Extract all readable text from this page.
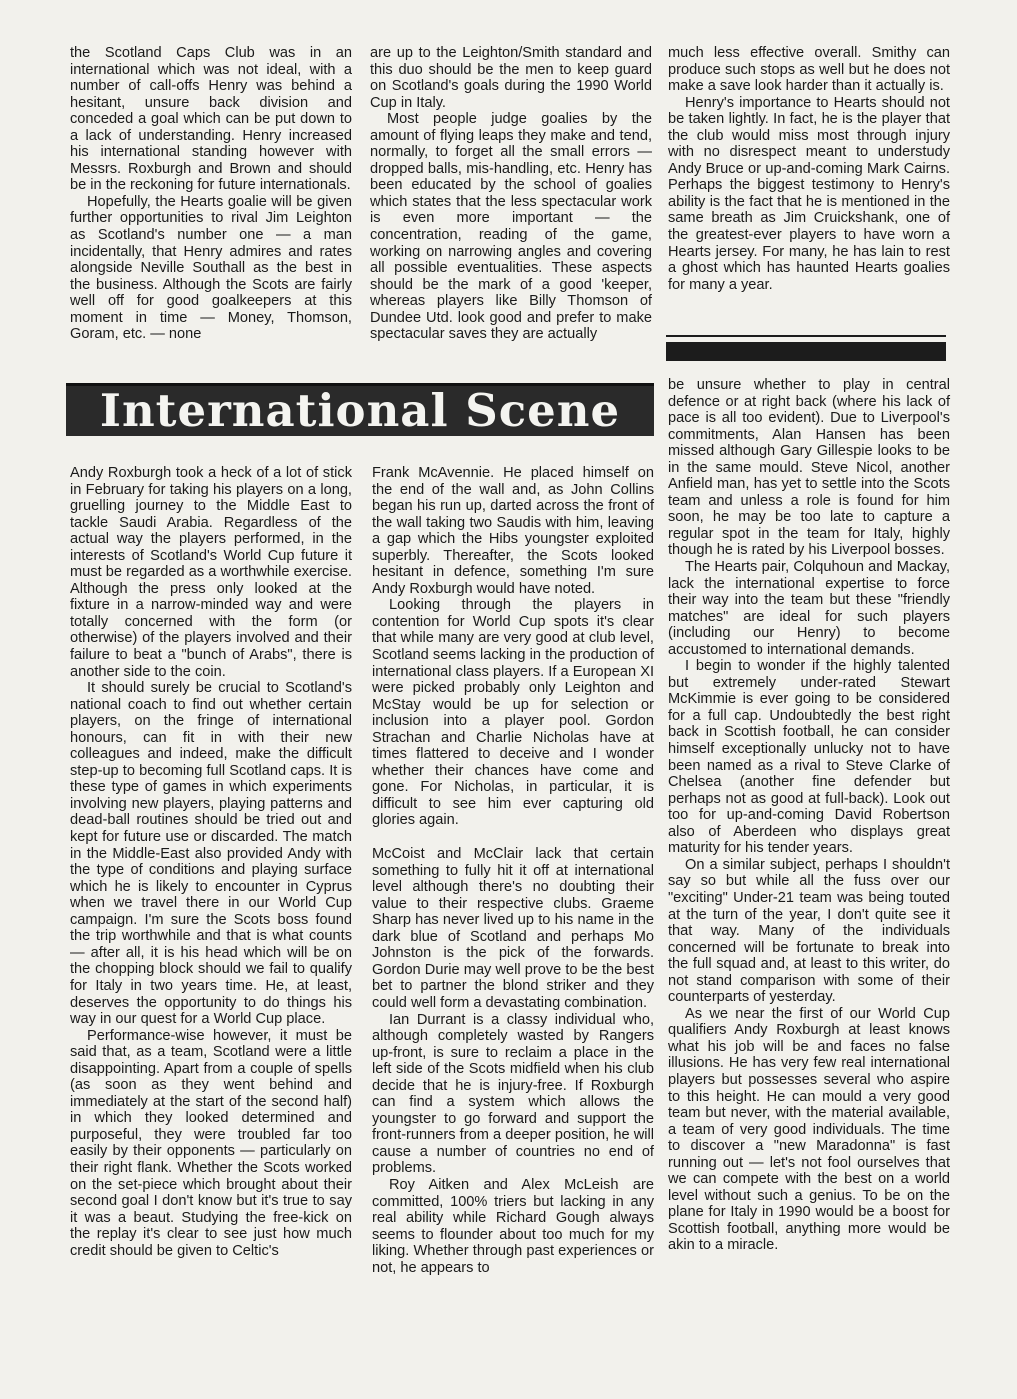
the Scotland Caps Club was in an international which was not ideal, with a number of call-offs Henry was behind a hesitant, unsure back division and conceded a goal which can be put down to a lack of understanding. Henry increased his international standing however with Messrs. Roxburgh and Brown and should be in the reckoning for future internationals.

Hopefully, the Hearts goalie will be given further opportunities to rival Jim Leighton as Scotland's number one — a man incidentally, that Henry admires and rates alongside Neville Southall as the best in the business. Although the Scots are fairly well off for good goalkeepers at this moment in time — Money, Thomson, Goram, etc. — none

are up to the Leighton/Smith standard and this duo should be the men to keep guard on Scotland's goals during the 1990 World Cup in Italy.

Most people judge goalies by the amount of flying leaps they make and tend, normally, to forget all the small errors — dropped balls, mis-handling, etc. Henry has been educated by the school of goalies which states that the less spectacular work is even more important — the concentration, reading of the game, working on narrowing angles and covering all possible eventualities. These aspects should be the mark of a good 'keeper, whereas players like Billy Thomson of Dundee Utd. look good and prefer to make spectacular saves they are actually

much less effective overall. Smithy can produce such stops as well but he does not make a save look harder than it actually is.

Henry's importance to Hearts should not be taken lightly. In fact, he is the player that the club would miss most through injury with no disrespect meant to understudy Andy Bruce or up-and-coming Mark Cairns. Perhaps the biggest testimony to Henry's ability is the fact that he is mentioned in the same breath as Jim Cruickshank, one of the greatest-ever players to have worn a Hearts jersey. For many, he has lain to rest a ghost which has haunted Hearts goalies for many a year.

International Scene

Andy Roxburgh took a heck of a lot of stick in February for taking his players on a long, gruelling journey to the Middle East to tackle Saudi Arabia. Regardless of the actual way the players performed, in the interests of Scotland's World Cup future it must be regarded as a worthwhile exercise. Although the press only looked at the fixture in a narrow-minded way and were totally concerned with the form (or otherwise) of the players involved and their failure to beat a "bunch of Arabs", there is another side to the coin.

It should surely be crucial to Scotland's national coach to find out whether certain players, on the fringe of international honours, can fit in with their new colleagues and indeed, make the difficult step-up to becoming full Scotland caps. It is these type of games in which experiments involving new players, playing patterns and dead-ball routines should be tried out and kept for future use or discarded. The match in the Middle-East also provided Andy with the type of conditions and playing surface which he is likely to encounter in Cyprus when we travel there in our World Cup campaign. I'm sure the Scots boss found the trip worthwhile and that is what counts — after all, it is his head which will be on the chopping block should we fail to qualify for Italy in two years time. He, at least, deserves the opportunity to do things his way in our quest for a World Cup place.

Performance-wise however, it must be said that, as a team, Scotland were a little disappointing. Apart from a couple of spells (as soon as they went behind and immediately at the start of the second half) in which they looked determined and purposeful, they were troubled far too easily by their opponents — particularly on their right flank. Whether the Scots worked on the set-piece which brought about their second goal I don't know but it's true to say it was a beaut. Studying the free-kick on the replay it's clear to see just how much credit should be given to Celtic's

Frank McAvennie. He placed himself on the end of the wall and, as John Collins began his run up, darted across the front of the wall taking two Saudis with him, leaving a gap which the Hibs youngster exploited superbly. Thereafter, the Scots looked hesitant in defence, something I'm sure Andy Roxburgh would have noted.

Looking through the players in contention for World Cup spots it's clear that while many are very good at club level, Scotland seems lacking in the production of international class players. If a European XI were picked probably only Leighton and McStay would be up for selection or inclusion into a player pool. Gordon Strachan and Charlie Nicholas have at times flattered to deceive and I wonder whether their chances have come and gone. For Nicholas, in particular, it is difficult to see him ever capturing old glories again.

McCoist and McClair lack that certain something to fully hit it off at international level although there's no doubting their value to their respective clubs. Graeme Sharp has never lived up to his name in the dark blue of Scotland and perhaps Mo Johnston is the pick of the forwards. Gordon Durie may well prove to be the best bet to partner the blond striker and they could well form a devastating combination.

Ian Durrant is a classy individual who, although completely wasted by Rangers up-front, is sure to reclaim a place in the left side of the Scots midfield when his club decide that he is injury-free. If Roxburgh can find a system which allows the youngster to go forward and support the front-runners from a deeper position, he will cause a number of countries no end of problems.

Roy Aitken and Alex McLeish are committed, 100% triers but lacking in any real ability while Richard Gough always seems to flounder about too much for my liking. Whether through past experiences or not, he appears to

be unsure whether to play in central defence or at right back (where his lack of pace is all too evident). Due to Liverpool's commitments, Alan Hansen has been missed although Gary Gillespie looks to be in the same mould. Steve Nicol, another Anfield man, has yet to settle into the Scots team and unless a role is found for him soon, he may be too late to capture a regular spot in the team for Italy, highly though he is rated by his Liverpool bosses.

The Hearts pair, Colquhoun and Mackay, lack the international expertise to force their way into the team but these "friendly matches" are ideal for such players (including our Henry) to become accustomed to international demands.

I begin to wonder if the highly talented but extremely under-rated Stewart McKimmie is ever going to be considered for a full cap. Undoubtedly the best right back in Scottish football, he can consider himself exceptionally unlucky not to have been named as a rival to Steve Clarke of Chelsea (another fine defender but perhaps not as good at full-back). Look out too for up-and-coming David Robertson also of Aberdeen who displays great maturity for his tender years.

On a similar subject, perhaps I shouldn't say so but while all the fuss over our "exciting" Under-21 team was being touted at the turn of the year, I don't quite see it that way. Many of the individuals concerned will be fortunate to break into the full squad and, at least to this writer, do not stand comparison with some of their counterparts of yesterday.

As we near the first of our World Cup qualifiers Andy Roxburgh at least knows what his job will be and faces no false illusions. He has very few real international players but possesses several who aspire to this height. He can mould a very good team but never, with the material available, a team of very good individuals. The time to discover a "new Maradonna" is fast running out — let's not fool ourselves that we can compete with the best on a world level without such a genius. To be on the plane for Italy in 1990 would be a boost for Scottish football, anything more would be akin to a miracle.
